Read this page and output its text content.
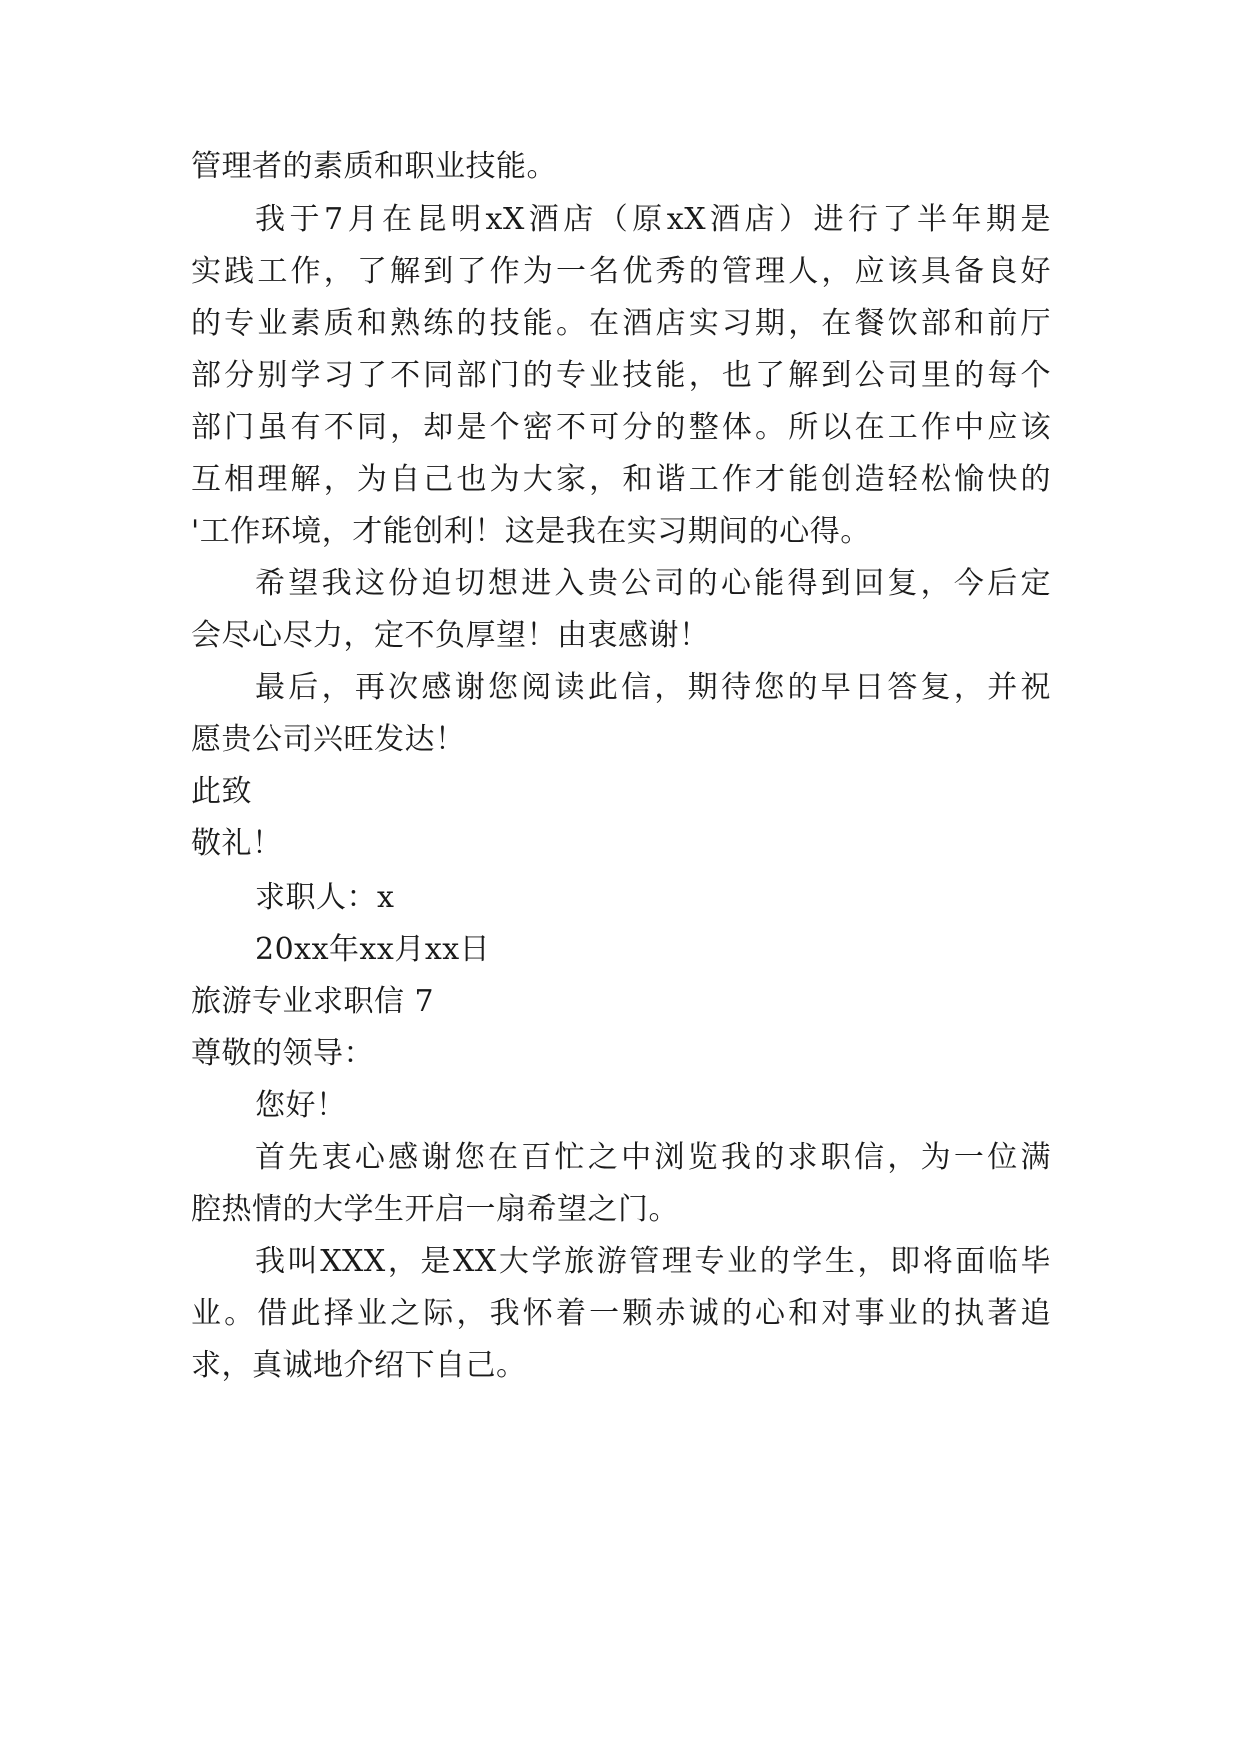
管理者的素质和职业技能。
我于7月在昆明xX酒店（原xX酒店）进行了半年期是
实践工作，了解到了作为一名优秀的管理人，应该具备良好
的专业素质和熟练的技能。在酒店实习期，在餐饮部和前厅
部分别学习了不同部门的专业技能，也了解到公司里的每个
部门虽有不同，却是个密不可分的整体。所以在工作中应该
互相理解，为自己也为大家，和谐工作才能创造轻松愉快的
'工作环境，才能创利！这是我在实习期间的心得。
希望我这份迫切想进入贵公司的心能得到回复，今后定
会尽心尽力，定不负厚望！由衷感谢！
最后，再次感谢您阅读此信，期待您的早日答复，并祝
愿贵公司兴旺发达！
此致
敬礼！
求职人：x
20xx年xx月xx日
旅游专业求职信 7
尊敬的领导：
您好！
首先衷心感谢您在百忙之中浏览我的求职信，为一位满
腔热情的大学生开启一扇希望之门。
我叫XXX，是XX大学旅游管理专业的学生，即将面临毕
业。借此择业之际，我怀着一颗赤诚的心和对事业的执著追
求，真诚地介绍下自己。
